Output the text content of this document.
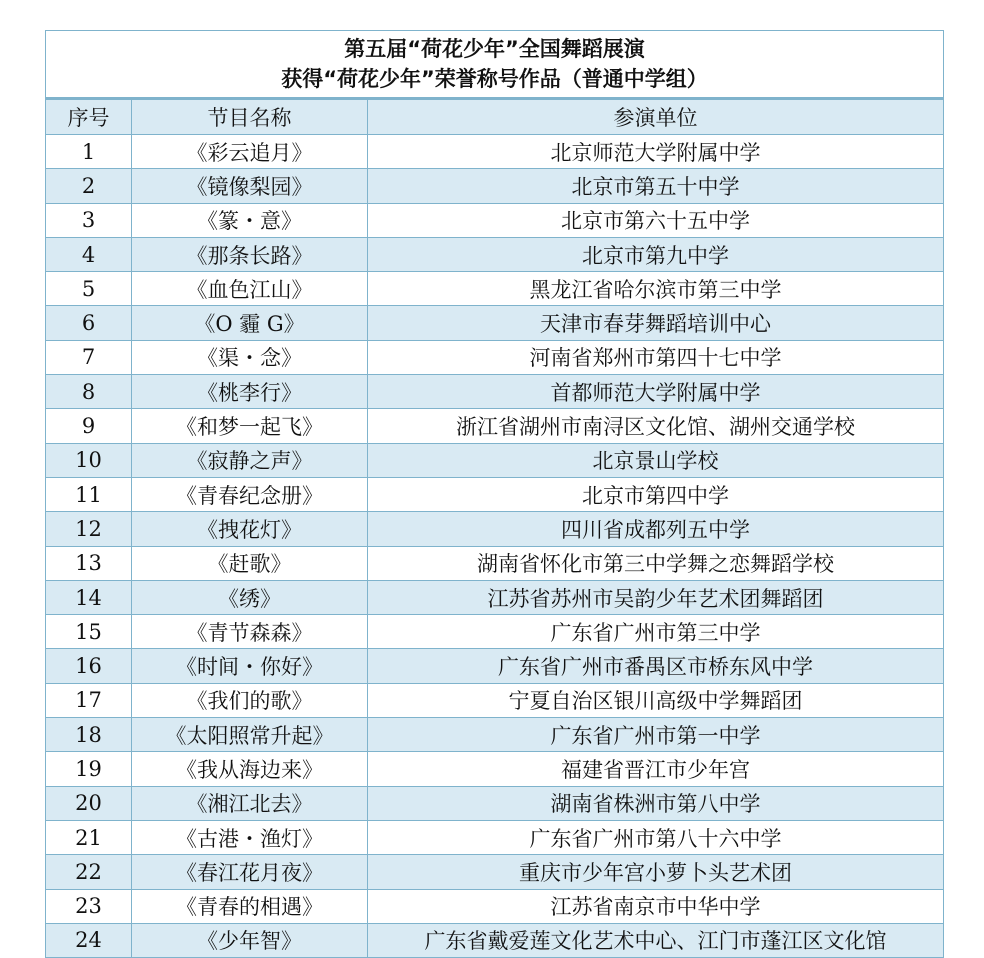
第五届“荷花少年”全国舞蹈展演
获得“荷花少年”荣誉称号作品（普通中学组）		

序号	节目名称	参演单位
1	《彩云追月》	北京师范大学附属中学
2	《镜像梨园》	北京市第五十中学
3	《篆・意》	北京市第六十五中学
4	《那条长路》	北京市第九中学
5	《血色江山》	黑龙江省哈尔滨市第三中学
6	《O 霾 G》	天津市春芽舞蹈培训中心
7	《渠・念》	河南省郑州市第四十七中学
8	《桃李行》	首都师范大学附属中学
9	《和梦一起飞》	浙江省湖州市南浔区文化馆、湖州交通学校
10	《寂静之声》	北京景山学校
11	《青春纪念册》	北京市第四中学
12	《拽花灯》	四川省成都列五中学
13	《赶歌》	湖南省怀化市第三中学舞之恋舞蹈学校
14	《绣》	江苏省苏州市吴韵少年艺术团舞蹈团
15	《青节森森》	广东省广州市第三中学
16	《时间・你好》	广东省广州市番禺区市桥东风中学
17	《我们的歌》	宁夏自治区银川高级中学舞蹈团
18	《太阳照常升起》	广东省广州市第一中学
19	《我从海边来》	福建省晋江市少年宫
20	《湘江北去》	湖南省株洲市第八中学
21	《古港・渔灯》	广东省广州市第八十六中学
22	《春江花月夜》	重庆市少年宫小萝卜头艺术团
23	《青春的相遇》	江苏省南京市中华中学
24	《少年智》	广东省戴爱莲文化艺术中心、江门市蓬江区文化馆
